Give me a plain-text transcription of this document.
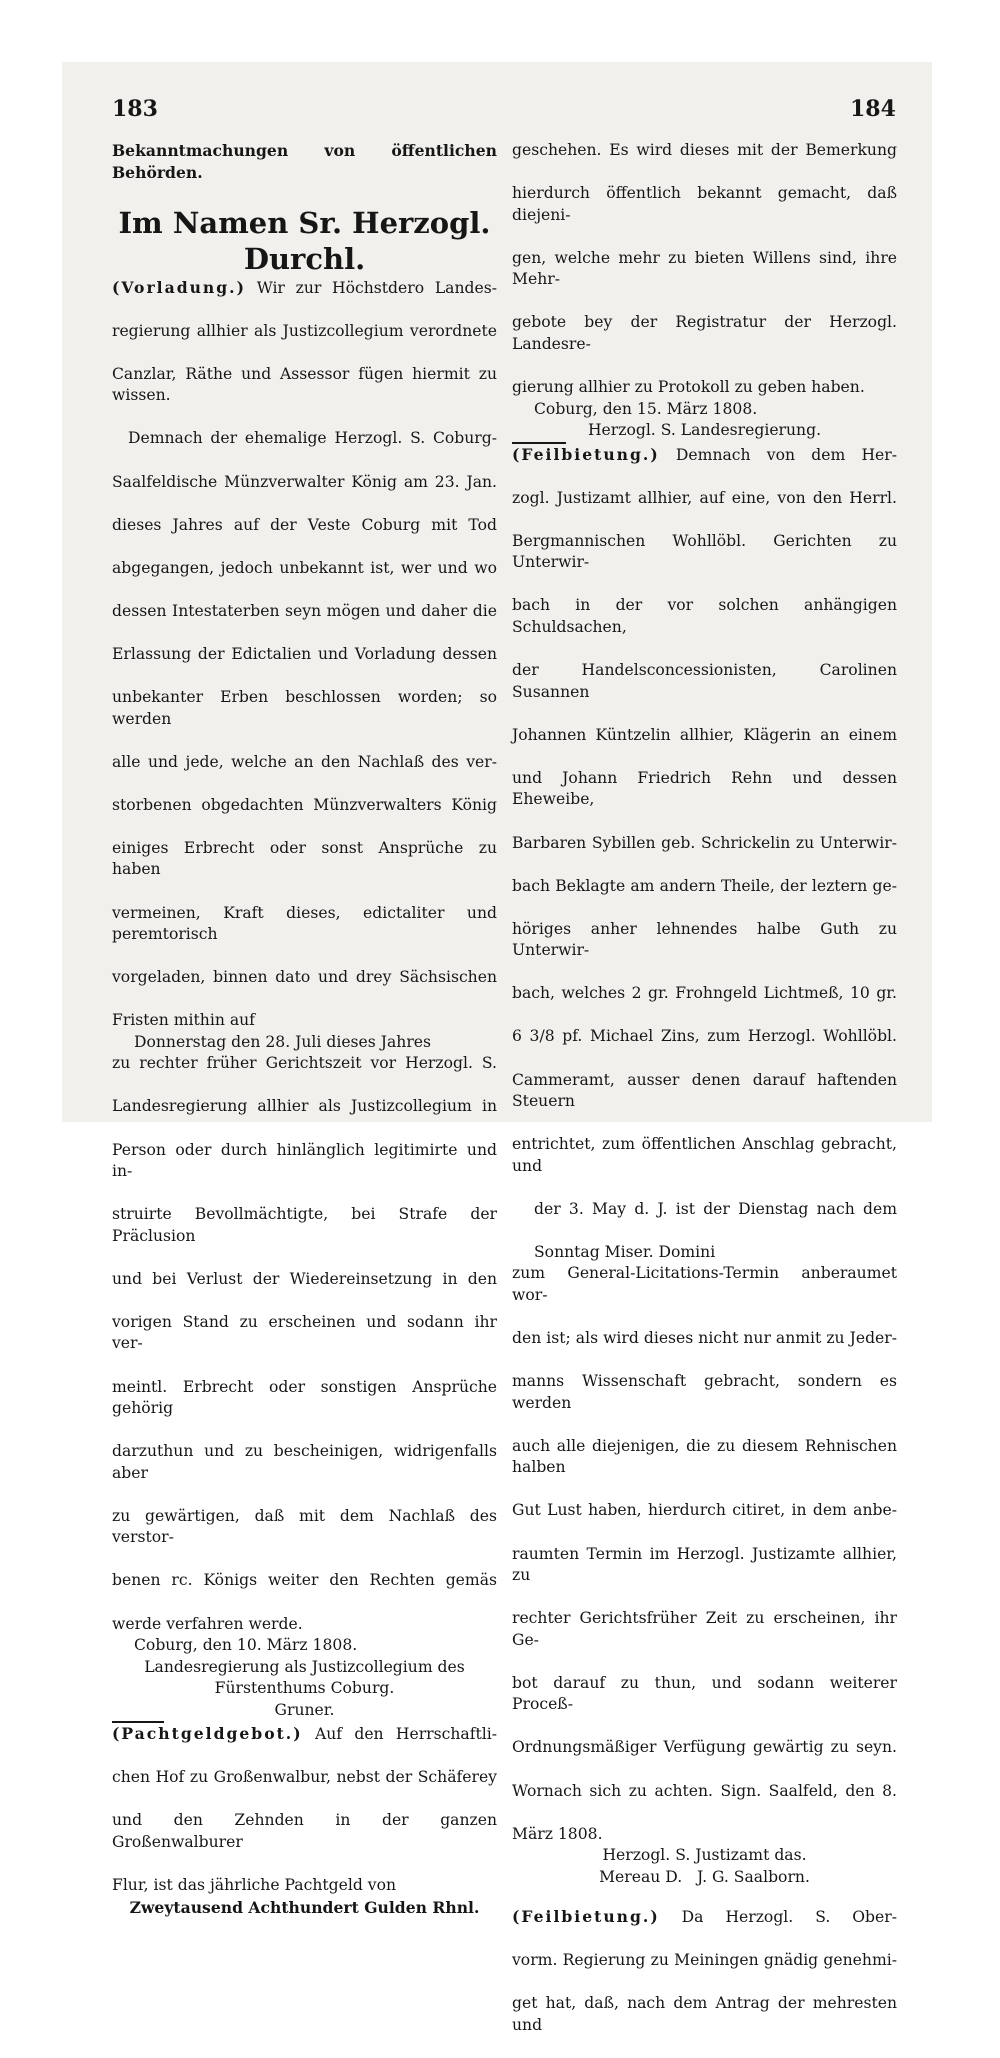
183	184
Bekanntmachungen von öffentlichen Behörden.
Im Namen Sr. Herzogl. Durchl.
(Vorladung.) Wir zur Höchstdero Landes-
regierung allhier als Justizcollegium verordnete
Canzlar, Räthe und Assessor fügen hiermit zu wissen.
Demnach der ehemalige Herzogl. S. Coburg-
Saalfeldische Münzverwalter König am 23. Jan.
dieses Jahres auf der Veste Coburg mit Tod
abgegangen, jedoch unbekannt ist, wer und wo
dessen Intestaterben seyn mögen und daher die
Erlassung der Edictalien und Vorladung dessen
unbekanter Erben beschlossen worden; so werden
alle und jede, welche an den Nachlaß des ver-
storbenen obgedachten Münzverwalters König
einiges Erbrecht oder sonst Ansprüche zu haben
vermeinen, Kraft dieses, edictaliter und peremtorisch
vorgeladen, binnen dato und drey Sächsischen
Fristen mithin auf
Donnerstag den 28. Juli dieses Jahres
zu rechter früher Gerichtszeit vor Herzogl. S.
Landesregierung allhier als Justizcollegium in
Person oder durch hinlänglich legitimirte und in-
struirte Bevollmächtigte, bei Strafe der Präclusion
und bei Verlust der Wiedereinsetzung in den
vorigen Stand zu erscheinen und sodann ihr ver-
meintl. Erbrecht oder sonstigen Ansprüche gehörig
darzuthun und zu bescheinigen, widrigenfalls aber
zu gewärtigen, daß mit dem Nachlaß des verstor-
benen rc. Königs weiter den Rechten gemäs
werde verfahren werde.
Coburg, den 10. März 1808.
Landesregierung als Justizcollegium des
Fürstenthums Coburg.
Gruner.
(Pachtgeldgebot.) Auf den Herrschaftli-
chen Hof zu Großenwalbur, nebst der Schäferey
und den Zehnden in der ganzen Großenwalburer
Flur, ist das jährliche Pachtgeld von
Zweytausend Achthundert Gulden Rhnl.
geschehen. Es wird dieses mit der Bemerkung
hierdurch öffentlich bekannt gemacht, daß diejeni-
gen, welche mehr zu bieten Willens sind, ihre Mehr-
gebote bey der Registratur der Herzogl. Landesre-
gierung allhier zu Protokoll zu geben haben.
Coburg, den 15. März 1808.
Herzogl. S. Landesregierung.
(Feilbietung.) Demnach von dem Her-
zogl. Justizamt allhier, auf eine, von den Herrl.
Bergmannischen Wohllöbl. Gerichten zu Unterwir-
bach in der vor solchen anhängigen Schuldsachen,
der Handelsconcessionisten, Carolinen Susannen
Johannen Küntzelin allhier, Klägerin an einem
und Johann Friedrich Rehn und dessen Eheweibe,
Barbaren Sybillen geb. Schrickelin zu Unterwir-
bach Beklagte am andern Theile, der leztern ge-
höriges anher lehnendes halbe Guth zu Unterwir-
bach, welches 2 gr. Frohngeld Lichtmeß, 10 gr.
6 3/8 pf. Michael Zins, zum Herzogl. Wohllöbl.
Cammeramt, ausser denen darauf haftenden Steuern
entrichtet, zum öffentlichen Anschlag gebracht, und
der 3. May d. J. ist der Dienstag nach dem
Sonntag Miser. Domini
zum General-Licitations-Termin anberaumet wor-
den ist; als wird dieses nicht nur anmit zu Jeder-
manns Wissenschaft gebracht, sondern es werden
auch alle diejenigen, die zu diesem Rehnischen halben
Gut Lust haben, hierdurch citiret, in dem anbe-
raumten Termin im Herzogl. Justizamte allhier, zu
rechter Gerichtsfrüher Zeit zu erscheinen, ihr Ge-
bot darauf zu thun, und sodann weiterer Proceß-
Ordnungsmäßiger Verfügung gewärtig zu seyn.
Wornach sich zu achten. Sign. Saalfeld, den 8.
März 1808.
Herzogl. S. Justizamt das.
Mereau D.   J. G. Saalborn.
(Feilbietung.) Da Herzogl. S. Ober-
vorm. Regierung zu Meiningen gnädig genehmi-
get hat, daß, nach dem Antrag der mehresten und
